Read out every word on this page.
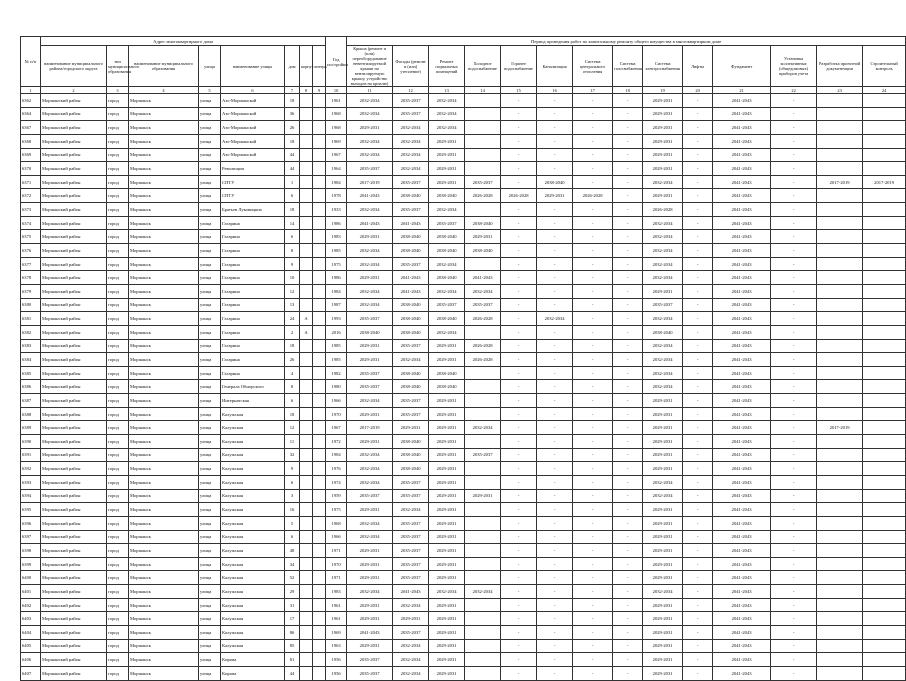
№ п/п	Адрес многоквартирного дома								Год постройки	Период проведения работ по капитальному ремонту общего имущества в многоквартирном доме													
	наименование муниципального района/городского округа	тип муниципального образования	наименование муниципального образования	улица	наименование улицы	дом	корпус	литера		Крыша (ремонт и (или) переоборудование невентилируемой крыши на вентилируемую крышу, устройство выходов на кровлю)	Фасады (ремонт и (или) утепление)	Ремонт подвальных помещений	Холодное водоснабжение	Горячее водоснабжение	Канализация	Система центрального отопления	Система газоснабжения	Система электроснабжения	Лифты	Фундамент	Установка коллективных (общедомовых) приборов учета	Разработка проектной документации	Строительный контроль
1	2	3	4	5	6	7	8	9	10	11	12	13	14	15	16	17	18	19	20	21	22	23	24
6362	Моршанский район	город	Моршанск	улица	Азо-Моршанской	18			1961	2032-2034	2035-2037	2032-2034		-	-	-	-	2029-2031	-	2041-2043	-		
6364	Моршанский район	город	Моршанск	улица	Азо-Моршанской	36			1968	2032-2034	2035-2037	2032-2034		-	-	-	-	2029-2031	-	2041-2043	-		
6367	Моршанский район	город	Моршанск	улица	Азо-Моршанской	26			1968	2029-2031	2032-2034	2032-2034		-	-	-	-	2029-2031	-	2041-2043	-		
6368	Моршанский район	город	Моршанск	улица	Азо-Моршанской	18			1969	2032-2034	2032-2034	2029-2031		-	-	-	-	2029-2031	-	2041-2043	-		
6369	Моршанский район	город	Моршанск	улица	Азо-Моршанской	44			1967	2032-2034	2032-2034	2029-2031		-	-	-	-	2029-2031	-	2041-2043	-		
6370	Моршанский район	город	Моршанск	улица	Революции	44			1964	2035-2037	2032-2034	2029-2031		-	-	-	-	2029-2031	-	2041-2043	-		
6371	Моршанский район	город	Моршанск	улица	СПТУ	1			1984	2017-2019	2035-2037	2029-2031	2035-2037	-	2038-2040	-	-	2032-2034	-	2041-2043	-	2017-2019	2017-2019
6372	Моршанский район	город	Моршанск	улица	СПТУ	6			1978	2041-2043	2038-2040	2038-2040	2026-2028	2026-2028	2029-2031	2026-2028	-	2029-2031	-	2041-2043	-		
6373	Моршанский район	город	Моршанск	улица	Братьев Луковицких	18			1933	2032-2034	2035-2037	2032-2034		-	-	-	-	2026-2028	-	2041-2043	-		
6374	Моршанский район	город	Моршанск	улица	Гагарина	14			1986	2041-2043	2041-2043	2035-2037	2038-2040	-	-	-	-	2032-2034	-	2041-2043	-		
6375	Моршанский район	город	Моршанск	улица	Гагарина	6			1983	2029-2031	2038-2040	2038-2040	2029-2031	-	-	-	-	2032-2034	-	2041-2043	-		
6376	Моршанский район	город	Моршанск	улица	Гагарина	8			1985	2032-2034	2038-2040	2038-2040	2038-2040	-	-	-	-	2032-2034	-	2041-2043	-		
6377	Моршанский район	город	Моршанск	улица	Гагарина	9			1975	2032-2034	2035-2037	2032-2034		-	-	-	-	2032-2034	-	2041-2043	-		
6378	Моршанский район	город	Моршанск	улица	Гагарина	10			1986	2029-2031	2041-2043	2038-2040	2041-2043	-	-	-	-	2032-2034	-	2041-2043	-		
6379	Моршанский район	город	Моршанск	улица	Гагарина	12			1984	2032-2034	2041-2043	2032-2034	2032-2034	-	-	-	-	2029-2031	-	2041-2043	-		
6380	Моршанский район	город	Моршанск	улица	Гагарина	13			1987	2032-2034	2038-2040	2035-2037	2035-2037	-	-	-	-	2035-2037	-	2041-2043	-		
6381	Моршанский район	город	Моршанск	улица	Гагарина	24	А		1993	2035-2037	2038-2040	2038-2040	2026-2028	-	2032-2034	-	-	2032-2034	-	2041-2043	-		
6382	Моршанский район	город	Моршанск	улица	Гагарина	2	А		2016	2038-2040	2038-2040	2032-2034		-	-	-	-	2038-2040	-	2041-2043	-		
6383	Моршанский район	город	Моршанск	улица	Гагарина	18			1985	2029-2031	2035-2037	2029-2031	2026-2028	-	-	-	-	2032-2034	-	2041-2043	-		
6384	Моршанский район	город	Моршанск	улица	Гагарина	26			1985	2029-2031	2032-2034	2029-2031	2026-2028	-	-	-	-	2032-2034	-	2041-2043	-		
6385	Моршанский район	город	Моршанск	улица	Гагарина	4			1982	2035-2037	2038-2040	2038-2040		-	-	-	-	2032-2034	-	2041-2043	-		
6386	Моршанский район	город	Моршанск	улица	Генерала Обнорского	8			1980	2035-2037	2038-2040	2038-2040		-	-	-	-	2032-2034	-	2041-2043	-		
6387	Моршанский район	город	Моршанск	улица	Интернатская	6			1966	2032-2034	2035-2037	2029-2031		-	-	-	-	2029-2031	-	2041-2043	-		
6388	Моршанский район	город	Моршанск	улица	Калужская	18			1970	2029-2031	2035-2037	2029-2031		-	-	-	-	2029-2031	-	2041-2043	-		
6389	Моршанский район	город	Моршанск	улица	Калужская	12			1967	2017-2019	2029-2031	2029-2031	2032-2034	-	-	-	-	2029-2031	-	2041-2043	-	2017-2019	
6390	Моршанский район	город	Моршанск	улица	Калужская	11			1972	2029-2031	2038-2040	2029-2031		-	-	-	-	2029-2031	-	2041-2043	-		
6391	Моршанский район	город	Моршанск	улица	Калужская	32			1984	2032-2034	2038-2040	2029-2031	2035-2037	-	-	-	-	2029-2031	-	2041-2043	-		
6392	Моршанский район	город	Моршанск	улица	Калужская	9			1976	2032-2034	2038-2040	2029-2031		-	-	-	-	2029-2031	-	2041-2043	-		
6393	Моршанский район	город	Моршанск	улица	Калужская	6			1974	2032-2034	2035-2037	2029-2031		-	-	-	-	2032-2034	-	2041-2043	-		
6394	Моршанский район	город	Моршанск	улица	Калужская	3			1959	2035-2037	2035-2037	2029-2031	2029-2031	-	-	-	-	2032-2034	-	2041-2043	-		
6395	Моршанский район	город	Моршанск	улица	Калужская	16			1975	2029-2031	2032-2034	2029-2031		-	-	-	-	2029-2031	-	2041-2043	-		
6396	Моршанский район	город	Моршанск	улица	Калужская	5			1968	2032-2034	2035-2037	2029-2031		-	-	-	-	2029-2031	-	2041-2043	-		
6397	Моршанский район	город	Моршанск	улица	Калужская	6			1966	2032-2034	2035-2037	2029-2031		-	-	-	-	2029-2031	-	2041-2043	-		
6398	Моршанский район	город	Моршанск	улица	Калужская	48			1971	2029-2031	2035-2037	2029-2031		-	-	-	-	2029-2031	-	2041-2043	-		
6399	Моршанский район	город	Моршанск	улица	Калужская	34			1970	2029-2031	2035-2037	2029-2031		-	-	-	-	2029-2031	-	2041-2043	-		
6400	Моршанский район	город	Моршанск	улица	Калужская	52			1971	2029-2031	2035-2037	2029-2031		-	-	-	-	2029-2031	-	2041-2043	-		
6401	Моршанский район	город	Моршанск	улица	Калужская	29			1983	2032-2034	2041-2043	2032-2034	2032-2034	-	-	-	-	2032-2034	-	2041-2043	-		
6402	Моршанский район	город	Моршанск	улица	Калужская	31			1961	2029-2031	2032-2034	2029-2031		-	-	-	-	2029-2031	-	2041-2043	-		
6403	Моршанский район	город	Моршанск	улица	Калужская	17			1961	2029-2031	2029-2031	2029-2031		-	-	-	-	2029-2031	-	2041-2043	-		
6404	Моршанский район	город	Моршанск	улица	Калужская	86			1969	2041-2043	2035-2037	2029-2031		-	-	-	-	2029-2031	-	2041-2043	-		
6405	Моршанский район	город	Моршанск	улица	Калужская	85			1963	2029-2031	2032-2034	2029-2031		-	-	-	-	2029-2031	-	2041-2043	-		
6406	Моршанский район	город	Моршанск	улица	Кирова	81			1956	2035-2037	2032-2034	2029-2031		-	-	-	-	2029-2031	-	2041-2043	-		
6407	Моршанский район	город	Моршанск	улица	Кирова	44			1956	2035-2037	2032-2034	2029-2031		-	-	-	-	2029-2031	-	2041-2043	-		
